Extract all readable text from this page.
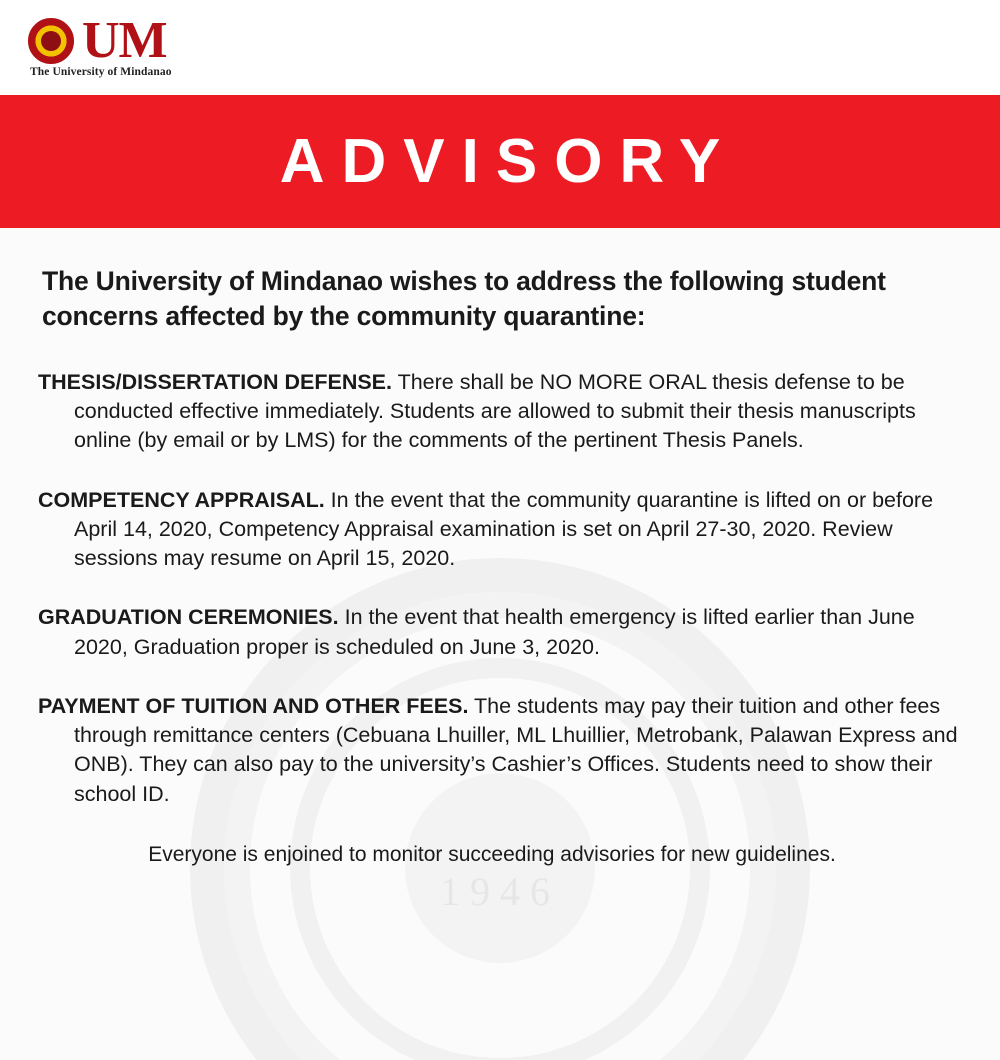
UM
The University of Mindanao
ADVISORY
1946

The University of Mindanao wishes to address the following student concerns affected by the community quarantine:

THESIS/DISSERTATION DEFENSE. There shall be NO MORE ORAL thesis defense to be conducted effective immediately. Students are allowed to submit their thesis manuscripts online (by email or by LMS) for the comments of the pertinent Thesis Panels.
COMPETENCY APPRAISAL. In the event that the community quarantine is lifted on or before April 14, 2020, Competency Appraisal examination is set on April 27-30, 2020. Review sessions may resume on April 15, 2020.
GRADUATION CEREMONIES. In the event that health emergency is lifted earlier than June 2020, Graduation proper is scheduled on June 3, 2020.
PAYMENT OF TUITION AND OTHER FEES. The students may pay their tuition and other fees through remittance centers (Cebuana Lhuiller, ML Lhuillier, Metrobank, Palawan Express and ONB). They can also pay to the university’s Cashier’s Offices. Students need to show their school ID.
Everyone is enjoined to monitor succeeding advisories for new guidelines.
